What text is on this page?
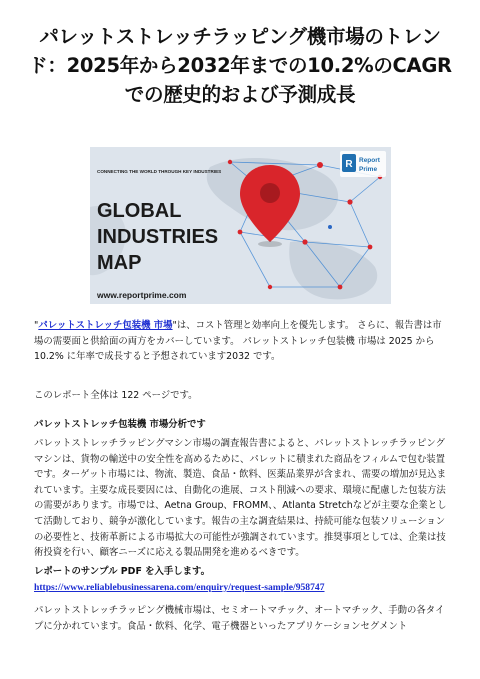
パレットストレッチラッピング機市場のトレンド：2025年から2032年までの10.2%のCAGRでの歴史的および予測成長
R Report
Prime
CONNECTING THE WORLD THROUGH KEY INDUSTRIES
GLOBAL
INDUSTRIES
MAP
www.reportprime.com

"パレットストレッチ包装機 市場"は、コスト管理と効率向上を優先します。 さらに、報告書は市場の需要面と供給面の両方をカバーしています。 パレットストレッチ包装機 市場は 2025 から 10.2% に年率で成長すると予想されています2032 です。

このレポート全体は 122 ページです。

パレットストレッチ包装機 市場分析です

パレットストレッチラッピングマシン市場の調査報告書によると、パレットストレッチラッピングマシンは、貨物の輸送中の安全性を高めるために、パレットに積まれた商品をフィルムで包む装置です。ターゲット市場には、物流、製造、食品・飲料、医薬品業界が含まれ、需要の増加が見込まれています。主要な成長要因には、自動化の進展、コスト削減への要求、環境に配慮した包装方法の需要があります。市場では、Aetna Group、FROMM、、Atlanta Stretchなどが主要な企業として活動しており、競争が激化しています。報告の主な調査結果は、持続可能な包装ソリューションの必要性と、技術革新による市場拡大の可能性が強調されています。推奨事項としては、企業は技術投資を行い、顧客ニーズに応える製品開発を進めるべきです。

レポートのサンプル PDF を入手します。 https://www.reliablebusinessarena.com/enquiry/request-sample/958747

パレットストレッチラッピング機械市場は、セミオートマチック、オートマチック、手動の各タイプに分かれています。食品・飲料、化学、電子機器といったアプリケーションセグメント
